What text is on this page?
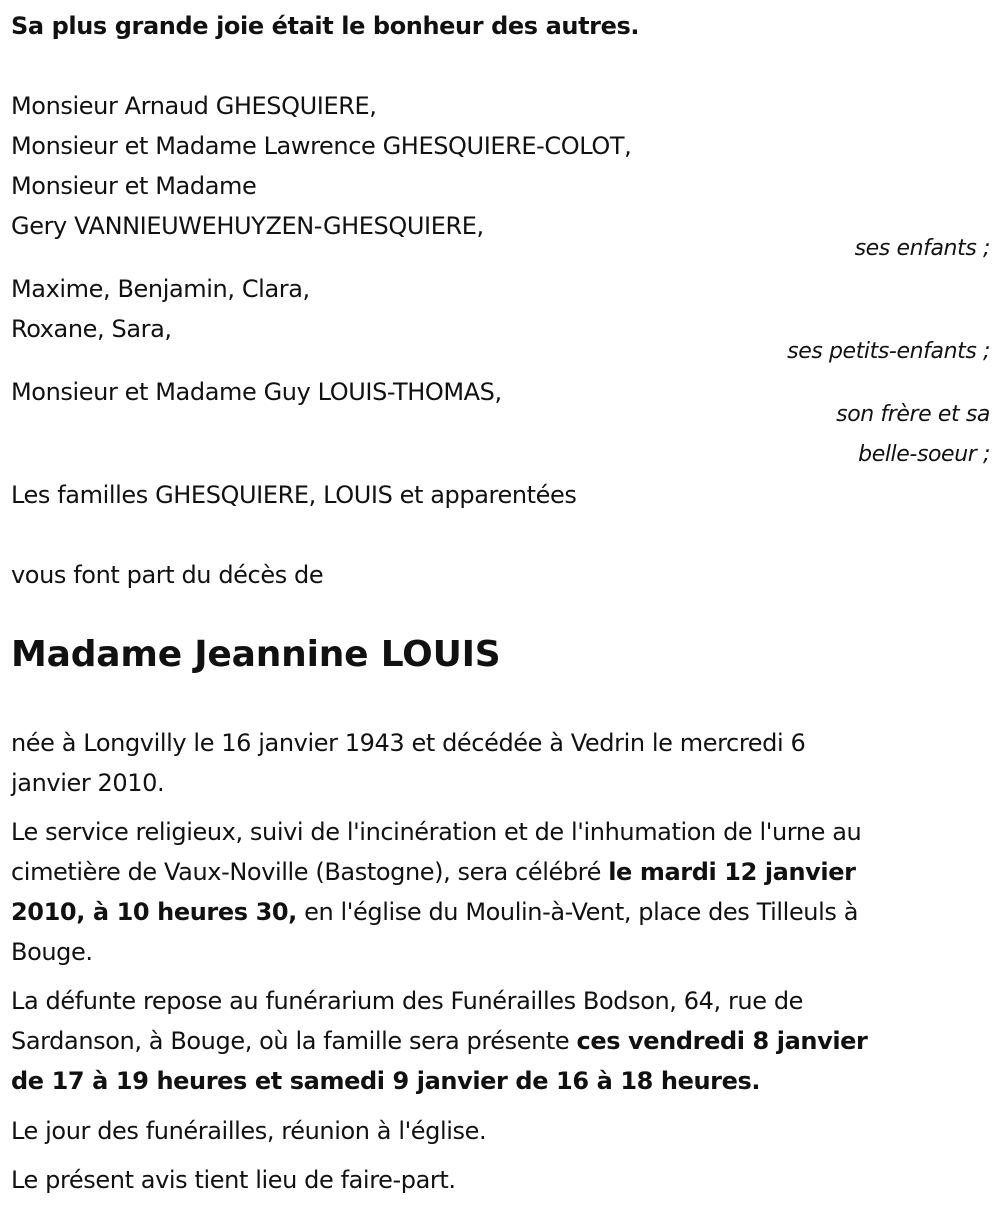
Sa plus grande joie était le bonheur des autres.
Monsieur Arnaud GHESQUIERE,
Monsieur et Madame Lawrence GHESQUIERE-COLOT,
Monsieur et Madame
Gery VANNIEUWEHUYZEN-GHESQUIERE,
ses enfants ;
Maxime, Benjamin, Clara,
Roxane, Sara,
ses petits-enfants ;
Monsieur et Madame Guy LOUIS-THOMAS,
son frère et sa
belle-soeur ;
Les familles GHESQUIERE, LOUIS et apparentées
vous font part du décès de
Madame Jeannine LOUIS
née à Longvilly le 16 janvier 1943 et décédée à Vedrin le mercredi 6
janvier 2010.
Le service religieux, suivi de l'incinération et de l'inhumation de l'urne au
cimetière de Vaux-Noville (Bastogne), sera célébré le mardi 12 janvier
2010, à 10 heures 30, en l'église du Moulin-à-Vent, place des Tilleuls à
Bouge.
La défunte repose au funérarium des Funérailles Bodson, 64, rue de
Sardanson, à Bouge, où la famille sera présente ces vendredi 8 janvier
de 17 à 19 heures et samedi 9 janvier de 16 à 18 heures.
Le jour des funérailles, réunion à l'église.
Le présent avis tient lieu de faire-part.
